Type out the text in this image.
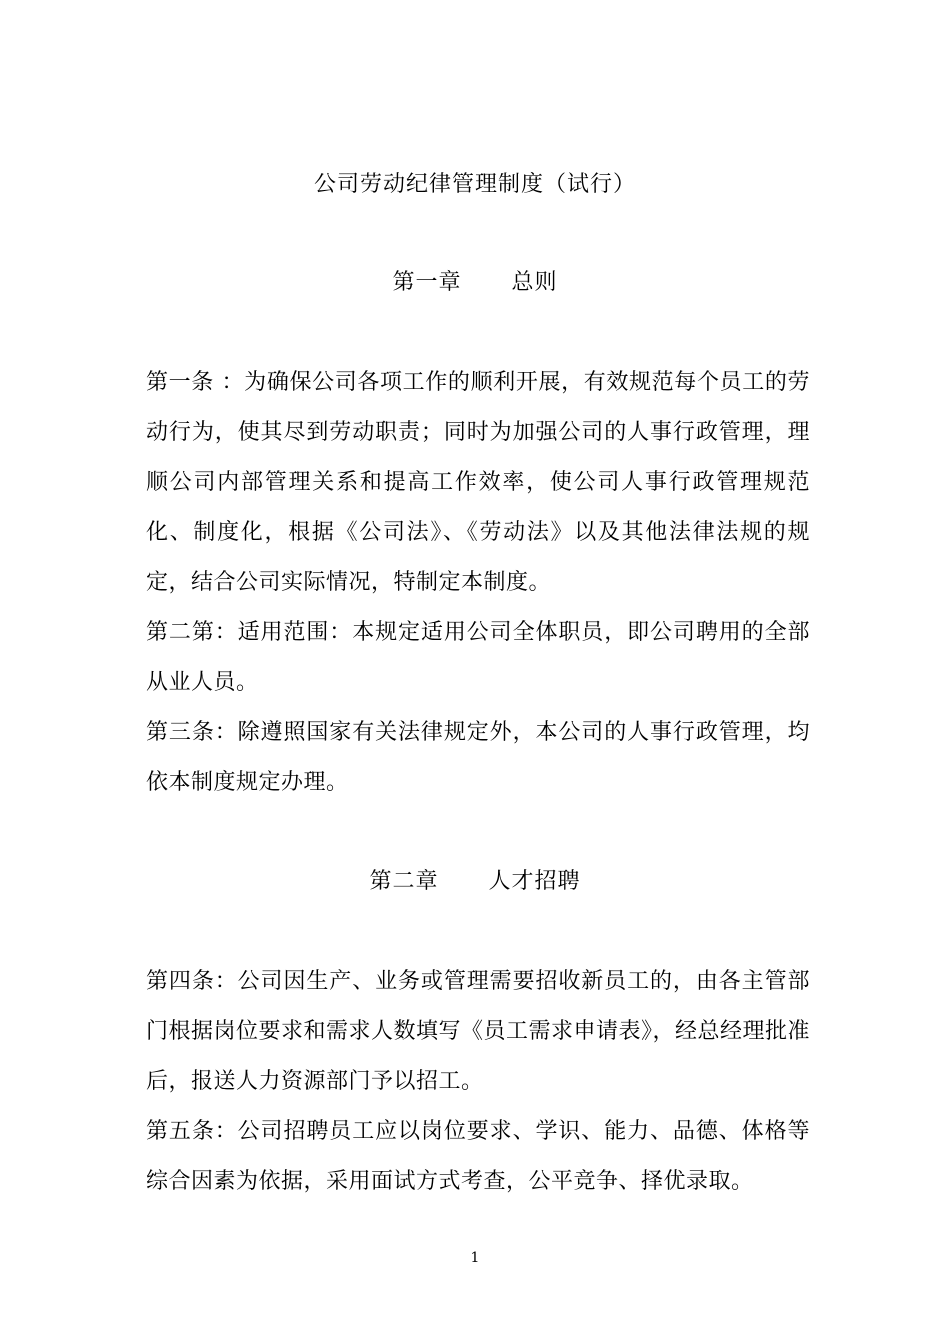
公司劳动纪律管理制度（试行）
第一章 总则

第一条 ：为确保公司各项工作的顺利开展，有效规范每个员工的劳动行为，使其尽到劳动职责；同时为加强公司的人事行政管理，理顺公司内部管理关系和提高工作效率，使公司人事行政管理规范化、制度化，根据《公司法》、《劳动法》以及其他法律法规的规定，结合公司实际情况，特制定本制度。

第二第：适用范围：本规定适用公司全体职员，即公司聘用的全部从业人员。

第三条：除遵照国家有关法律规定外，本公司的人事行政管理，均依本制度规定办理。

第二章 人才招聘

第四条：公司因生产、业务或管理需要招收新员工的，由各主管部门根据岗位要求和需求人数填写《员工需求申请表》，经总经理批准后，报送人力资源部门予以招工。

第五条：公司招聘员工应以岗位要求、学识、能力、品德、体格等综合因素为依据，采用面试方式考查，公平竞争、择优录取。

1
